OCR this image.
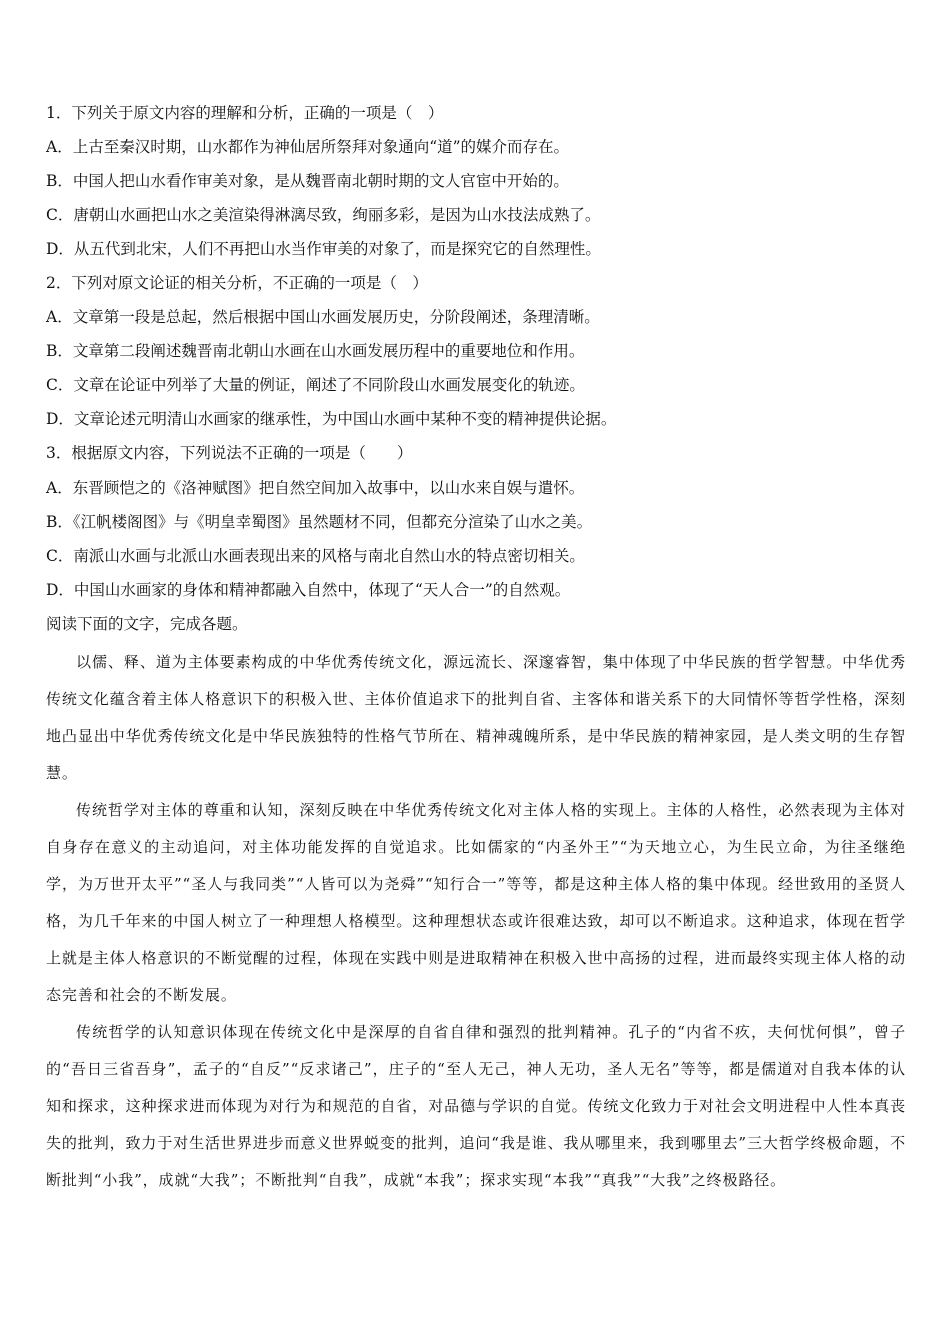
1．下列关于原文内容的理解和分析，正确的一项是（　）
A．上古至秦汉时期，山水都作为神仙居所祭拜对象通向“道”的媒介而存在。
B．中国人把山水看作审美对象，是从魏晋南北朝时期的文人官宦中开始的。
C．唐朝山水画把山水之美渲染得淋漓尽致，绚丽多彩，是因为山水技法成熟了。
D．从五代到北宋，人们不再把山水当作审美的对象了，而是探究它的自然理性。
2．下列对原文论证的相关分析，不正确的一项是（　）
A．文章第一段是总起，然后根据中国山水画发展历史，分阶段阐述，条理清晰。
B．文章第二段阐述魏晋南北朝山水画在山水画发展历程中的重要地位和作用。
C．文章在论证中列举了大量的例证，阐述了不同阶段山水画发展变化的轨迹。
D．文章论述元明清山水画家的继承性，为中国山水画中某种不变的精神提供论据。
3．根据原文内容，下列说法不正确的一项是（　　）
A．东晋顾恺之的《洛神赋图》把自然空间加入故事中，以山水来自娱与遣怀。
B．《江帆楼阁图》与《明皇幸蜀图》虽然题材不同，但都充分渲染了山水之美。
C．南派山水画与北派山水画表现出来的风格与南北自然山水的特点密切相关。
D．中国山水画家的身体和精神都融入自然中，体现了“天人合一”的自然观。
阅读下面的文字，完成各题。

以儒、释、道为主体要素构成的中华优秀传统文化，源远流长、深邃睿智，集中体现了中华民族的哲学智慧。中华优秀传统文化蕴含着主体人格意识下的积极入世、主体价值追求下的批判自省、主客体和谐关系下的大同情怀等哲学性格，深刻地凸显出中华优秀传统文化是中华民族独特的性格气节所在、精神魂魄所系，是中华民族的精神家园，是人类文明的生存智慧。

传统哲学对主体的尊重和认知，深刻反映在中华优秀传统文化对主体人格的实现上。主体的人格性，必然表现为主体对自身存在意义的主动追问，对主体功能发挥的自觉追求。比如儒家的“内圣外王”“为天地立心，为生民立命，为往圣继绝学，为万世开太平”“圣人与我同类”“人皆可以为尧舜”“知行合一”等等，都是这种主体人格的集中体现。经世致用的圣贤人格，为几千年来的中国人树立了一种理想人格模型。这种理想状态或许很难达致，却可以不断追求。这种追求，体现在哲学上就是主体人格意识的不断觉醒的过程，体现在实践中则是进取精神在积极入世中高扬的过程，进而最终实现主体人格的动态完善和社会的不断发展。

传统哲学的认知意识体现在传统文化中是深厚的自省自律和强烈的批判精神。孔子的“内省不疚，夫何忧何惧”，曾子的“吾日三省吾身”，孟子的“自反”“反求诸己”，庄子的“至人无己，神人无功，圣人无名”等等，都是儒道对自我本体的认知和探求，这种探求进而体现为对行为和规范的自省，对品德与学识的自觉。传统文化致力于对社会文明进程中人性本真丧失的批判，致力于对生活世界进步而意义世界蜕变的批判，追问“我是谁、我从哪里来，我到哪里去”三大哲学终极命题，不断批判“小我”，成就“大我”；不断批判“自我”，成就“本我”；探求实现“本我”“真我”“大我”之终极路径。
